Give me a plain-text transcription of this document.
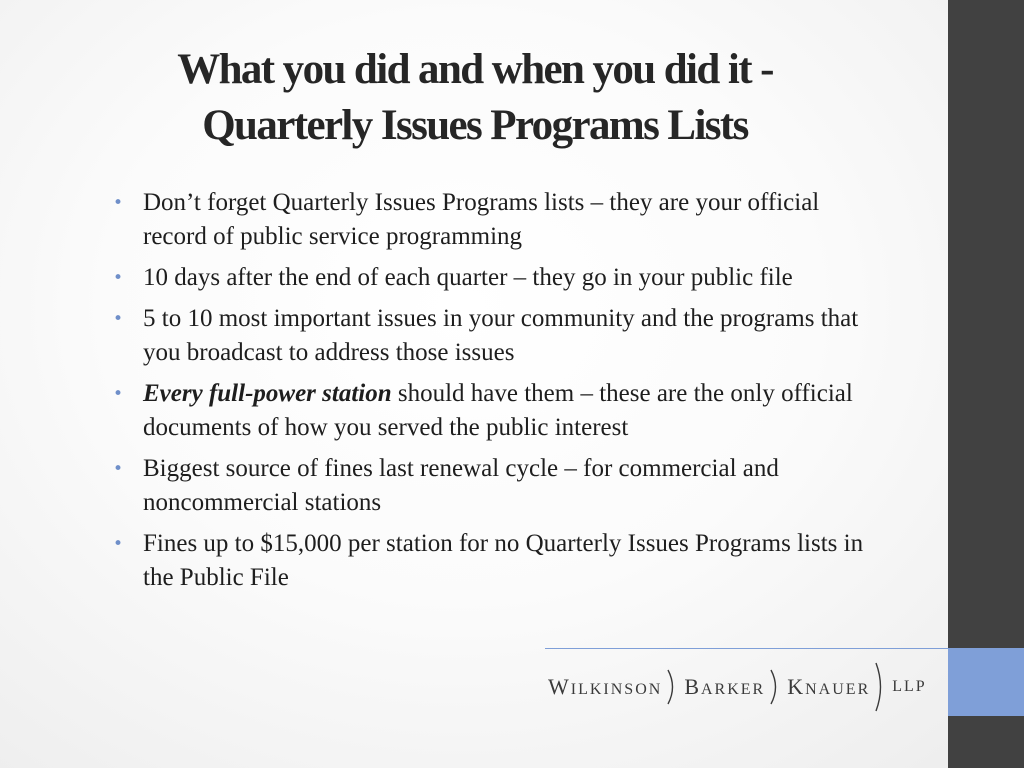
What you did and when you did it -
Quarterly Issues Programs Lists
• Don’t forget Quarterly Issues Programs lists – they are your official record of public service programming
• 10 days after the end of each quarter – they go in your public file
• 5 to 10 most important issues in your community and the programs that you broadcast to address those issues
• Every full-power station should have them – these are the only official documents of how you served the public interest
• Biggest source of fines last renewal cycle – for commercial and noncommercial stations
• Fines up to $15,000 per station for no Quarterly Issues Programs lists in the Public File
WILKINSON BARKER KNAUER LLP
